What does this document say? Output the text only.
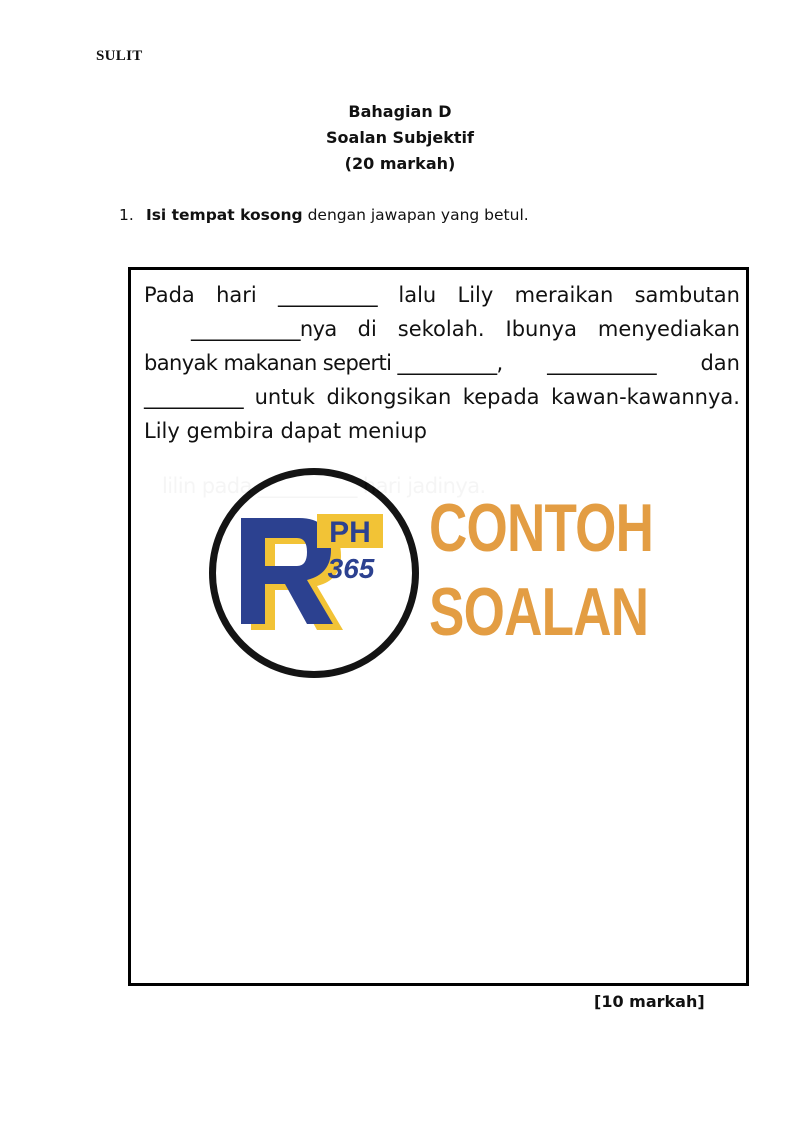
SULIT
Bahagian D
Soalan Subjektif
(20 markah)
1. Isi tempat kosong dengan jawapan yang betul.
Pada hari __________ lalu Lily meraikan sambutan
___________nya di sekolah. Ibunya menyediakan
banyak makanan seperti __________, ___________ dan
__________ untuk dikongsikan kepada kawan-kawannya.
Lily gembira dapat meniup
PH
365
CONTOH
SOALAN
[10 markah]
